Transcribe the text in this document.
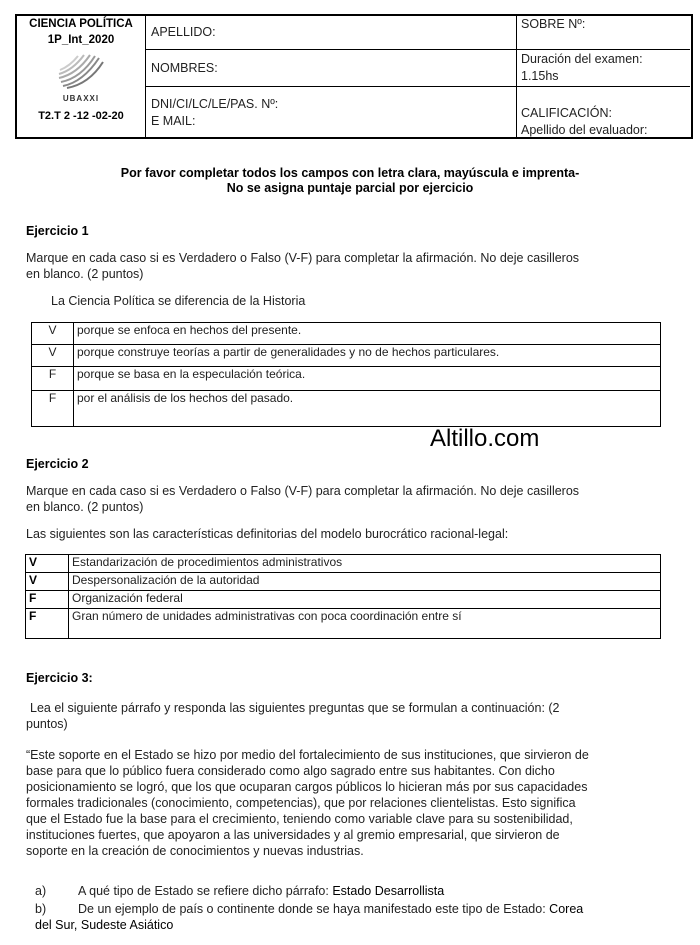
CIENCIA POLÍTICA
1P_Int_2020
UBAXXI
T2.T 2 -12 -02-20
APELLIDO:
NOMBRES:
DNI/CI/LC/LE/PAS. Nº:
E MAIL:
SOBRE Nº:
Duración del examen:
1.15hs
CALIFICACIÓN:
Apellido del evaluador:
Por favor completar todos los campos con letra clara, mayúscula e imprenta-
No se asigna puntaje parcial por ejercicio
Ejercicio 1
Marque en cada caso si es Verdadero o Falso (V-F) para completar la afirmación. No deje casilleros
en blanco. (2 puntos)
La Ciencia Política se diferencia de la Historia
V	porque se enfoca en hechos del presente.
V	porque construye teorías a partir de generalidades y no de hechos particulares.
F	porque se basa en la especulación teórica.
F	por el análisis de los hechos del pasado.
Altillo.com
Ejercicio 2
Marque en cada caso si es Verdadero o Falso (V-F) para completar la afirmación. No deje casilleros
en blanco. (2 puntos)
Las siguientes son las características definitorias del modelo burocrático racional-legal:
V	Estandarización de procedimientos administrativos
V	Despersonalización de la autoridad
F	Organización federal
F	Gran número de unidades administrativas con poca coordinación entre sí
Ejercicio 3:
Lea el siguiente párrafo y responda las siguientes preguntas que se formulan a continuación: (2
puntos)
“Este soporte en el Estado se hizo por medio del fortalecimiento de sus instituciones, que sirvieron de
base para que lo público fuera considerado como algo sagrado entre sus habitantes. Con dicho
posicionamiento se logró, que los que ocuparan cargos públicos lo hicieran más por sus capacidades
formales tradicionales (conocimiento, competencias), que por relaciones clientelistas. Esto significa
que el Estado fue la base para el crecimiento, teniendo como variable clave para su sostenibilidad,
instituciones fuertes, que apoyaron a las universidades y al gremio empresarial, que sirvieron de
soporte en la creación de conocimientos y nuevas industrias.
a)	A qué tipo de Estado se refiere dicho párrafo: Estado Desarrollista
b)	De un ejemplo de país o continente donde se haya manifestado este tipo de Estado: Corea
del Sur, Sudeste Asiático
